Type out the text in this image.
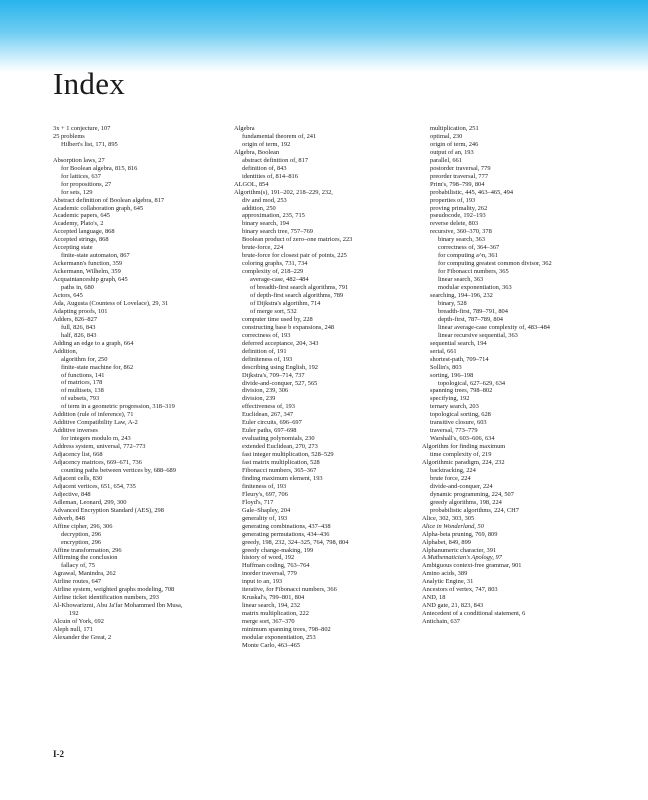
Index
3x + 1 conjecture, 107
25 problems
Hilbert's list, 171, 895
Absorption laws, 27
for Boolean algebra, 815, 816
for lattices, 637
for propositions, 27
for sets, 129
Abstract definition of Boolean algebra, 817
Academic collaboration graph, 645
Academic papers, 645
Academy, Plato's, 2
Accepted language, 868
Accepted strings, 868
Accepting state
finite-state automaton, 867
Ackermann's function, 359
Ackermann, Wilhelm, 359
Acquaintanceship graph, 645
paths in, 680
Actors, 645
Ada, Augusta (Countess of Lovelace), 29, 31
Adapting proofs, 101
Adders, 826–827
full, 826, 843
half, 826, 843
Adding an edge to a graph, 664
Addition,
algorithm for, 250
finite-state machine for, 862
of functions, 141
of matrices, 178
of multisets, 138
of subsets, 793
of term in a geometric progression, 318–319
Addition (rule of inference), 71
Additive Compatibility Law, A-2
Additive inverses
for integers modulo m, 243
Address system, universal, 772–773
Adjacency list, 668
Adjacency matrices, 669–671, 736
counting paths between vertices by, 688–689
Adjacent cells, 830
Adjacent vertices, 651, 654, 735
Adjective, 848
Adleman, Leonard, 299, 300
Advanced Encryption Standard (AES), 298
Adverb, 848
Affine cipher, 296, 306
decryption, 296
encryption, 296
Affine transformation, 296
Affirming the conclusion
fallacy of, 75
Agrawal, Manindra, 262
Airline routes, 647
Airline system, weighted graphs modeling, 708
Airline ticket identification numbers, 293
Al-Khowarizmi, Abu Ja'far Mohammed Ibn Musa,
192
Alcuin of York, 692
Aleph null, 171
Alexander the Great, 2
Algebra
fundamental theorem of, 241
origin of term, 192
Algebra, Boolean
abstract definition of, 817
definition of, 843
identities of, 814–816
ALGOL, 854
Algorithm(s), 191–202, 218–229, 232,
div and mod, 253
addition, 250
approximation, 235, 715
binary search, 194
binary search tree, 757–769
Boolean product of zero–one matrices, 223
brute-force, 224
brute-force for closest pair of points, 225
coloring graphs, 731, 734
complexity of, 218–229
average-case, 482–484
of breadth-first search algorithms, 791
of depth-first search algorithms, 789
of Dijkstra's algorithm, 714
of merge sort, 532
computer time used by, 228
constructing base b expansions, 248
correctness of, 193
deferred acceptance, 204, 343
definition of, 191
definiteness of, 193
describing using English, 192
Dijkstra's, 709–714, 737
divide-and-conquer, 527, 565
division, 239, 306
division, 239
effectiveness of, 193
Euclidean, 267, 347
Euler circuits, 696–697
Euler paths, 697–698
evaluating polynomials, 230
extended Euclidean, 270, 273
fast integer multiplication, 528–529
fast matrix multiplication, 528
Fibonacci numbers, 365–367
finding maximum element, 193
finiteness of, 193
Fleury's, 697, 706
Floyd's, 717
Gale–Shapley, 204
generality of, 193
generating combinations, 437–438
generating permutations, 434–436
greedy, 198, 232, 324–325, 764, 798, 804
greedy change-making, 199
history of word, 192
Huffman coding, 763–764
inorder traversal, 779
input to an, 193
iterative, for Fibonacci numbers, 366
Kruskal's, 799–801, 804
linear search, 194, 232
matrix multiplication, 222
merge sort, 367–370
minimum spanning trees, 798–802
modular exponentiation, 253
Monte Carlo, 463–465
multiplication, 251
optimal, 230
origin of term, 246
output of an, 193
parallel, 661
postorder traversal, 779
preorder traversal, 777
Prim's, 798–799, 804
probabilistic, 445, 463–465, 494
properties of, 193
proving primality, 262
pseudocode, 192–193
reverse delete, 803
recursive, 360–370, 378
binary search, 363
correctness of, 364–367
for computing a^n, 361
for computing greatest common divisor, 362
for Fibonacci numbers, 365
linear search, 363
modular exponentiation, 363
searching, 194–196, 232
binary, 528
breadth-first, 789–791, 804
depth-first, 787–789, 804
linear average-case complexity of, 483–484
linear recursive sequential, 363
sequential search, 194
serial, 661
shortest-path, 709–714
Sollin's, 803
sorting, 196–198
topological, 627–629, 634
spanning trees, 798–802
specifying, 192
ternary search, 203
topological sorting, 628
transitive closure, 603
traversal, 773–779
Warshall's, 603–606, 634
Algorithm for finding maximum
time complexity of, 219
Algorithmic paradigm, 224, 232
backtracking, 224
brute force, 224
divide-and-conquer, 224
dynamic programming, 224, 507
greedy algorithms, 198, 224
probabilistic algorithms, 224, CH7
Alice, 302, 303, 305
Alice in Wonderland, 50
Alpha-beta pruning, 769, 809
Alphabet, 849, 899
Alphanumeric character, 391
A Mathematician's Apology, 97
Ambiguous context-free grammar, 901
Amino acids, 389
Analytic Engine, 31
Ancestors of vertex, 747, 803
AND, 18
AND gate, 21, 823, 843
Antecedent of a conditional statement, 6
Antichain, 637
I-2
